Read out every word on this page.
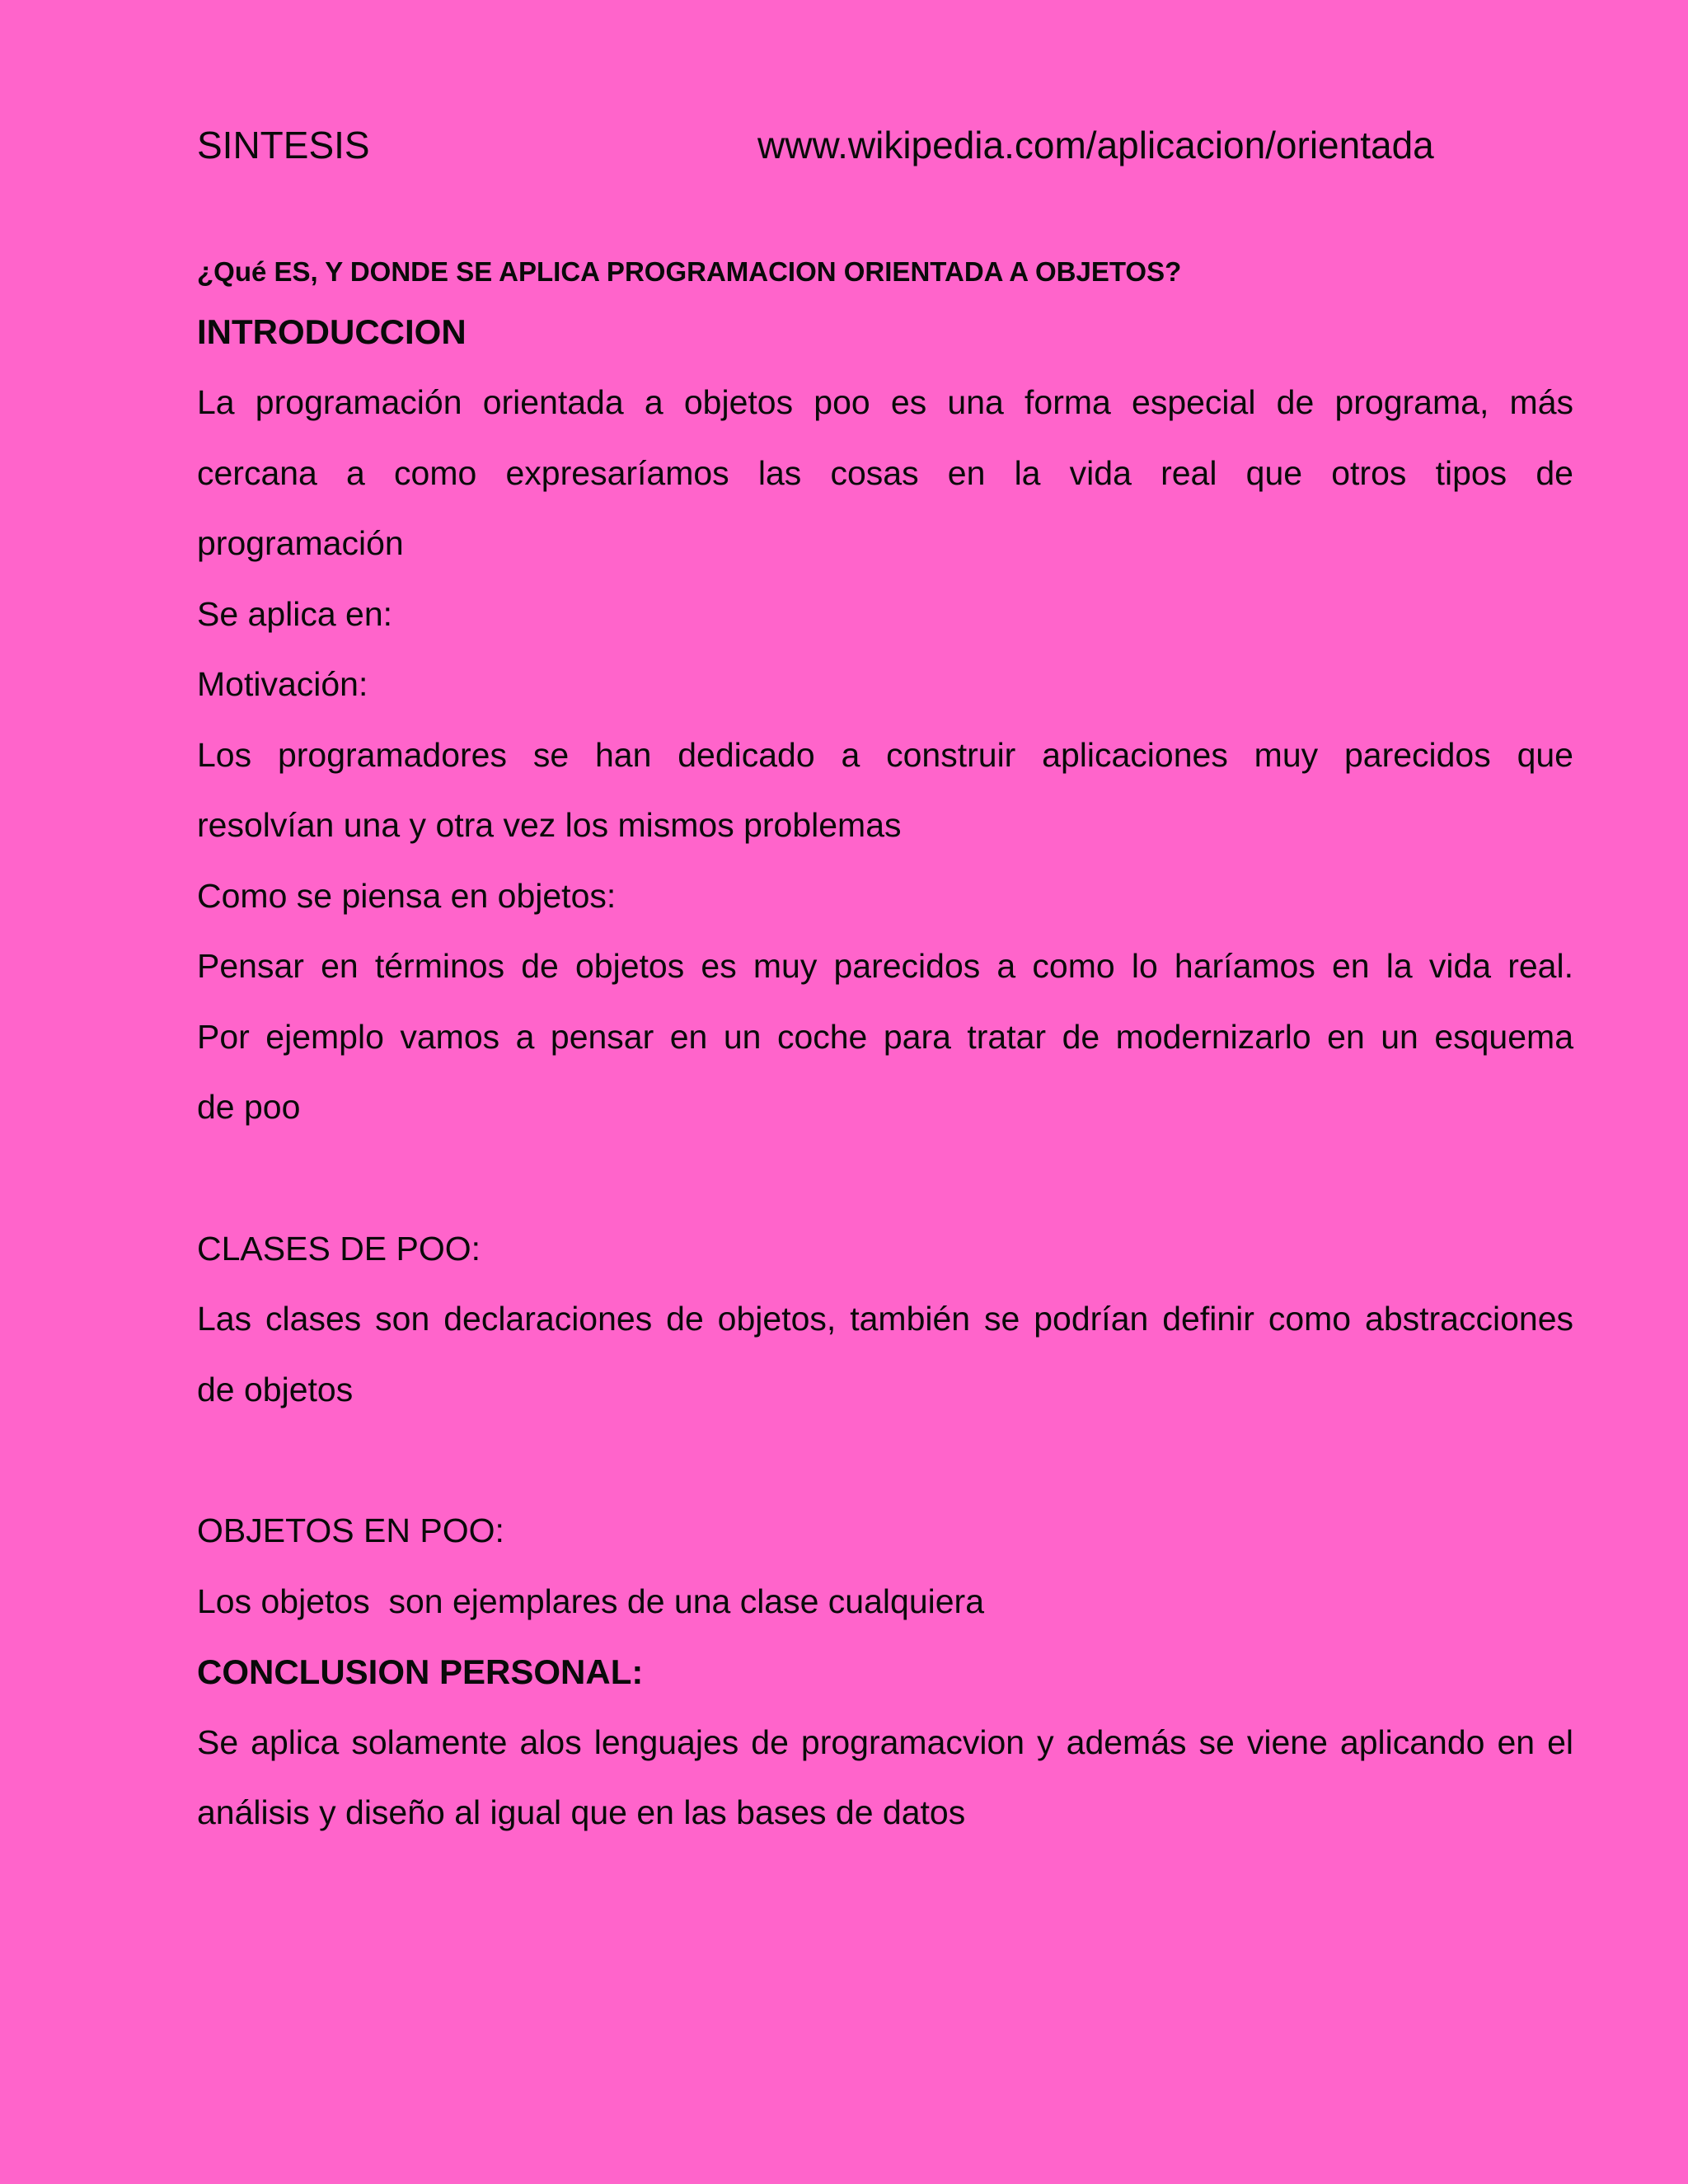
SINTESIS	www.wikipedia.com/aplicacion/orientada
¿Qué ES, Y DONDE SE APLICA PROGRAMACION ORIENTADA A OBJETOS?
INTRODUCCION
La programación orientada a objetos poo es una forma especial de programa, más
cercana a como expresaríamos las cosas en la vida real que otros tipos de
programación
Se aplica en:
Motivación:
Los programadores se han dedicado a construir aplicaciones muy parecidos que
resolvían una y otra vez los mismos problemas
Como se piensa en objetos:
Pensar en términos de objetos es muy parecidos a como lo haríamos en la vida real.
Por ejemplo vamos a pensar en un coche para tratar de modernizarlo en un esquema
de poo
CLASES DE POO:
Las clases son declaraciones de objetos, también se podrían definir como abstracciones
de objetos
OBJETOS EN POO:
Los objetos  son ejemplares de una clase cualquiera
CONCLUSION PERSONAL:
Se aplica solamente alos lenguajes de programacvion y además se viene aplicando en el
análisis y diseño al igual que en las bases de datos
